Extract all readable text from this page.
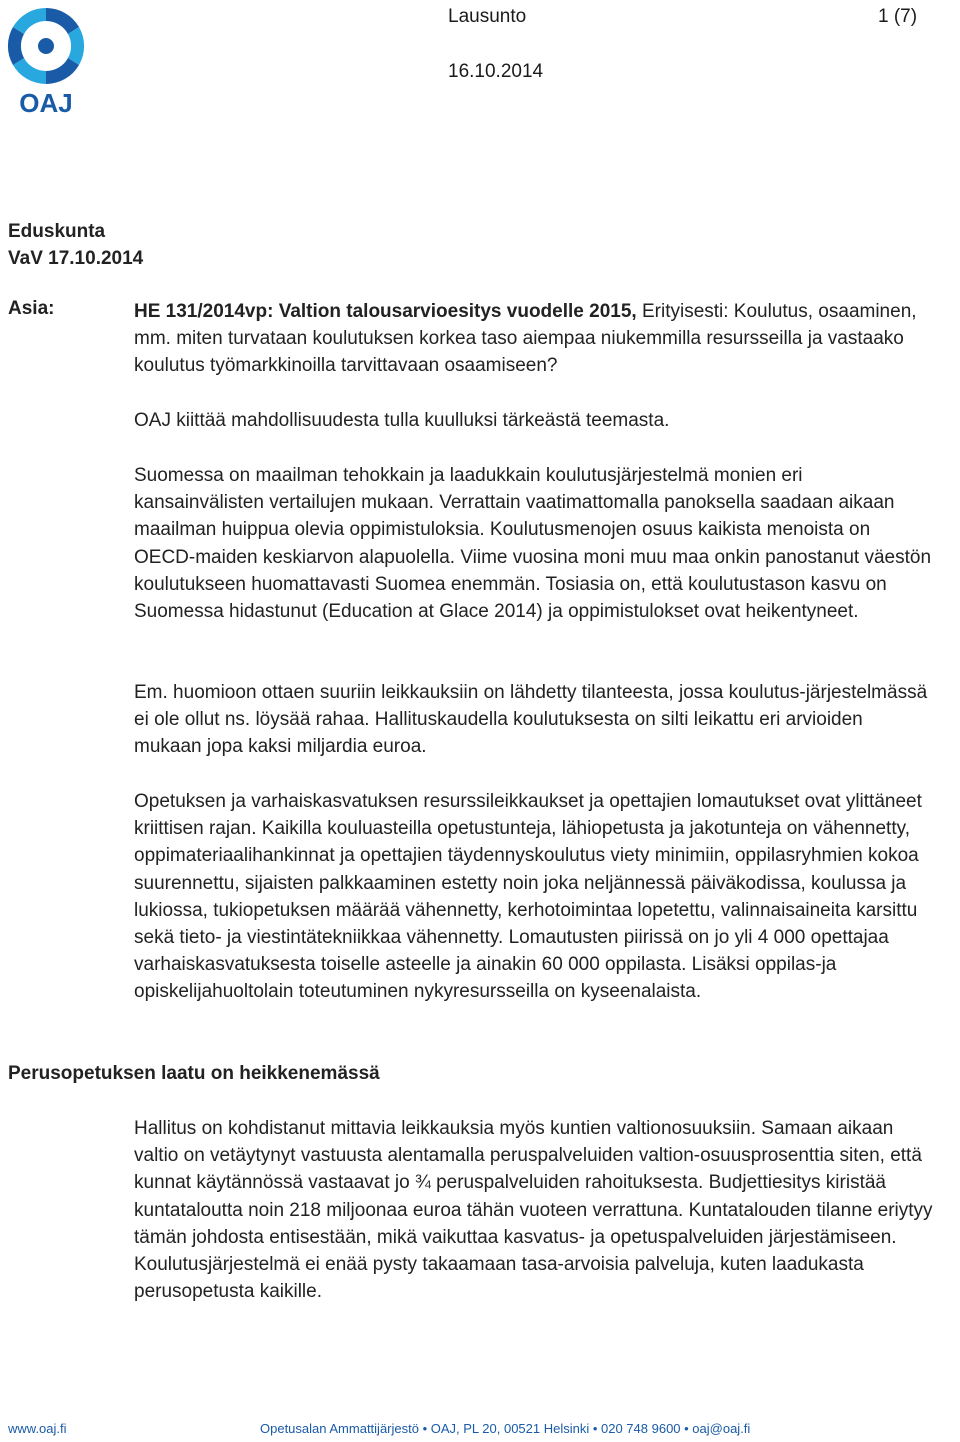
OAJ
Lausunto	1 (7)
16.10.2014
Eduskunta
VaV 17.10.2014
Asia:	HE 131/2014vp: Valtion talousarvioesitys vuodelle 2015, Erityisesti: Koulutus, osaaminen, mm. miten turvataan koulutuksen korkea taso aiempaa niukemmilla resursseilla ja vastaako koulutus työmarkkinoilla tarvittavaan osaamiseen?

OAJ kiittää mahdollisuudesta tulla kuulluksi tärkeästä teemasta.

Suomessa on maailman tehokkain ja laadukkain koulutusjärjestelmä monien eri kansainvälisten vertailujen mukaan. Verrattain vaatimattomalla panoksella saadaan aikaan maailman huippua olevia oppimistuloksia. Koulutusmenojen osuus kaikista menoista on OECD-maiden keskiarvon alapuolella. Viime vuosina moni muu maa onkin panostanut väestön koulutukseen huomattavasti Suomea enemmän. Tosiasia on, että koulutustason kasvu on Suomessa hidastunut (Education at Glace 2014) ja oppimistulokset ovat heikentyneet.

Em. huomioon ottaen suuriin leikkauksiin on lähdetty tilanteesta, jossa koulutus-järjestelmässä ei ole ollut ns. löysää rahaa. Hallituskaudella koulutuksesta on silti leikattu eri arvioiden mukaan jopa kaksi miljardia euroa.

Opetuksen ja varhaiskasvatuksen resurssileikkaukset ja opettajien lomautukset ovat ylittäneet kriittisen rajan. Kaikilla kouluasteilla opetustunteja, lähiopetusta ja jakotunteja on vähennetty, oppimateriaalihankinnat ja opettajien täydennyskoulutus viety minimiin, oppilasryhmien kokoa suurennettu, sijaisten palkkaaminen estetty noin joka neljännessä päiväkodissa, koulussa ja lukiossa, tukiopetuksen määrää vähennetty, kerhotoimintaa lopetettu, valinnaisaineita karsittu sekä tieto- ja viestintätekniikkaa vähennetty. Lomautusten piirissä on jo yli 4 000 opettajaa varhaiskasvatuksesta toiselle asteelle ja ainakin 60 000 oppilasta. Lisäksi oppilas-ja opiskelijahuoltolain toteutuminen nykyresursseilla on kyseenalaista.

Perusopetuksen laatu on heikkenemässä

Hallitus on kohdistanut mittavia leikkauksia myös kuntien valtionosuuksiin. Samaan aikaan valtio on vetäytynyt vastuusta alentamalla peruspalveluiden valtion-osuusprosenttia siten, että kunnat käytännössä vastaavat jo ¾ peruspalveluiden rahoituksesta. Budjettiesitys kiristää kuntataloutta noin 218 miljoonaa euroa tähän vuoteen verrattuna. Kuntatalouden tilanne eriytyy tämän johdosta entisestään, mikä vaikuttaa kasvatus- ja opetuspalveluiden järjestämiseen. Koulutusjärjestelmä ei enää pysty takaamaan tasa-arvoisia palveluja, kuten laadukasta perusopetusta kaikille.

www.oaj.fi	Opetusalan Ammattijärjestö • OAJ, PL 20, 00521 Helsinki • 020 748 9600 • oaj@oaj.fi
